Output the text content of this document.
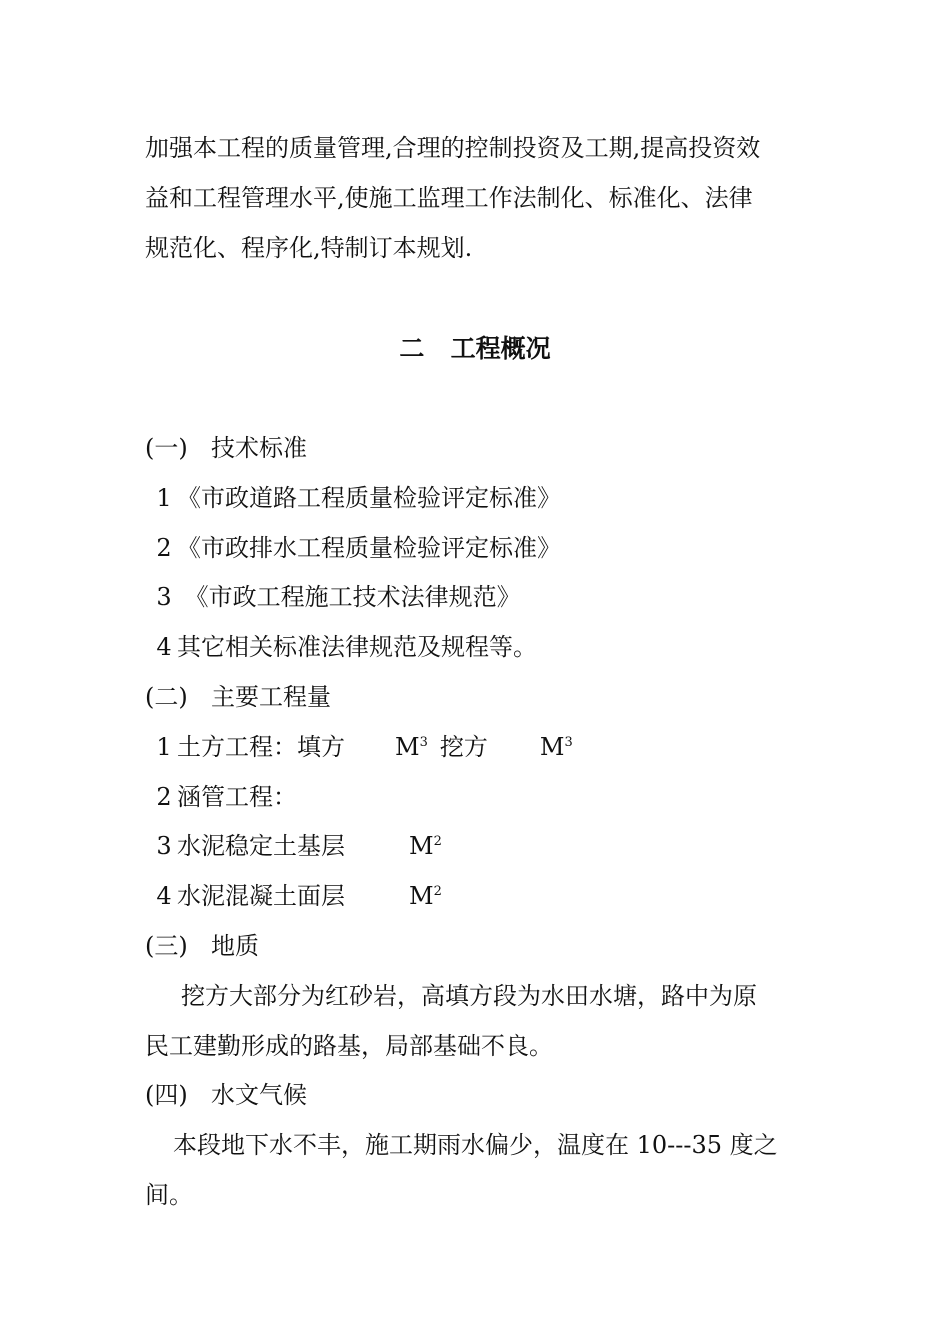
加强本工程的质量管理,合理的控制投资及工期,提高投资效
益和工程管理水平,使施工监理工作法制化、标准化、法律
规范化、程序化,特制订本规划.
二 工程概况
(一) 技术标准
1 《市政道路工程质量检验评定标准》
2 《市政排水工程质量检验评定标准》
3 《市政工程施工技术法律规范》
4 其它相关标准法律规范及规程等。
(二) 主要工程量
1 土方工程：填方 $M^3$ 挖方 $M^3$
2 涵管工程：
3 水泥稳定土基层	$M^2$
4 水泥混凝土面层	$M^2$
(三) 地质
挖方大部分为红砂岩，高填方段为水田水塘，路中为原
民工建勤形成的路基，局部基础不良。
(四) 水文气候
本段地下水不丰，施工期雨水偏少，温度在 10---35 度之
间。
